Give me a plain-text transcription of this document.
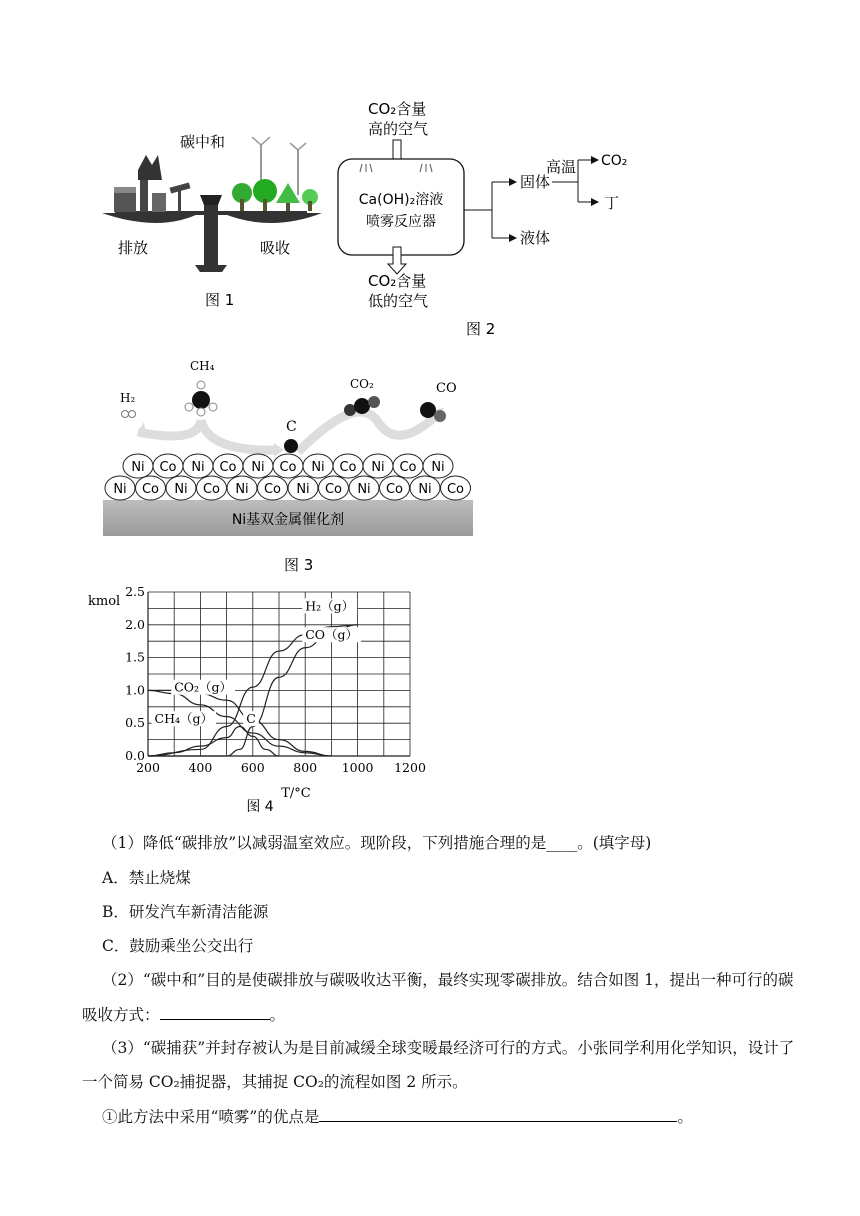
碳中和
排放	吸收
图 1
CO₂含量
高的空气
Ca(OH)₂溶液
喷雾反应器
CO₂含量
低的空气
固体
液体
高温 CO₂
丁
图 2
H₂
CH₄
C
CO₂	CO
Ni基双金属催化剂
Ni Co Ni Co Ni Co Ni Co Ni Co Ni Co
Ni Co Ni Co Ni Co Ni Co Ni Co Ni
图 3
200 400 600 800 1000 1200
0.0
0.5
1.0
1.5
2.0
2.5
kmol
T/°C
图 4
H₂（g）
CO（g）
CO₂（g）
CH₄（g）	C
（1）降低“碳排放”以减弱温室效应。现阶段，下列措施合理的是____。(填字母)
A．禁止烧煤
B．研发汽车新清洁能源
C．鼓励乘坐公交出行
（2）“碳中和”目的是使碳排放与碳吸收达平衡，最终实现零碳排放。结合如图 1，提出一种可行的碳
吸收方式：	。
（3）“碳捕获”并封存被认为是目前减缓全球变暖最经济可行的方式。小张同学利用化学知识，设计了
一个简易 CO₂捕捉器，其捕捉 CO₂的流程如图 2 所示。
①此方法中采用“喷雾”的优点是	。
